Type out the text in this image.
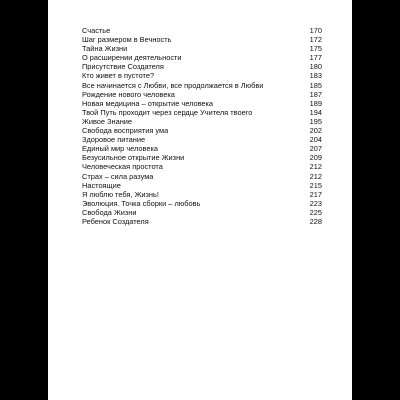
Счастье	170
Шаг размером в Вечность	172
Тайна Жизни	175
О расширении деятельности	177
Присутствие Создателя	180
Кто живет в пустоте?	183
Все начинается с Любви, все продолжается в Любви	185
Рождение нового человека	187
Новая медицина – открытие человека	189
Твой Путь проходит через сердце Учителя твоего	194
Живое Знание	195
Свобода восприятия ума	202
Здоровое питание	204
Единый мир человека	207
Безусильное открытие Жизни	209
Человеческая простота	212
Страх – сила разума	212
Настоящие	215
Я люблю тебя, Жизнь!	217
Эволюция. Точка сборки – любовь	223
Свобода Жизни	225
Ребенок Создателя	228
